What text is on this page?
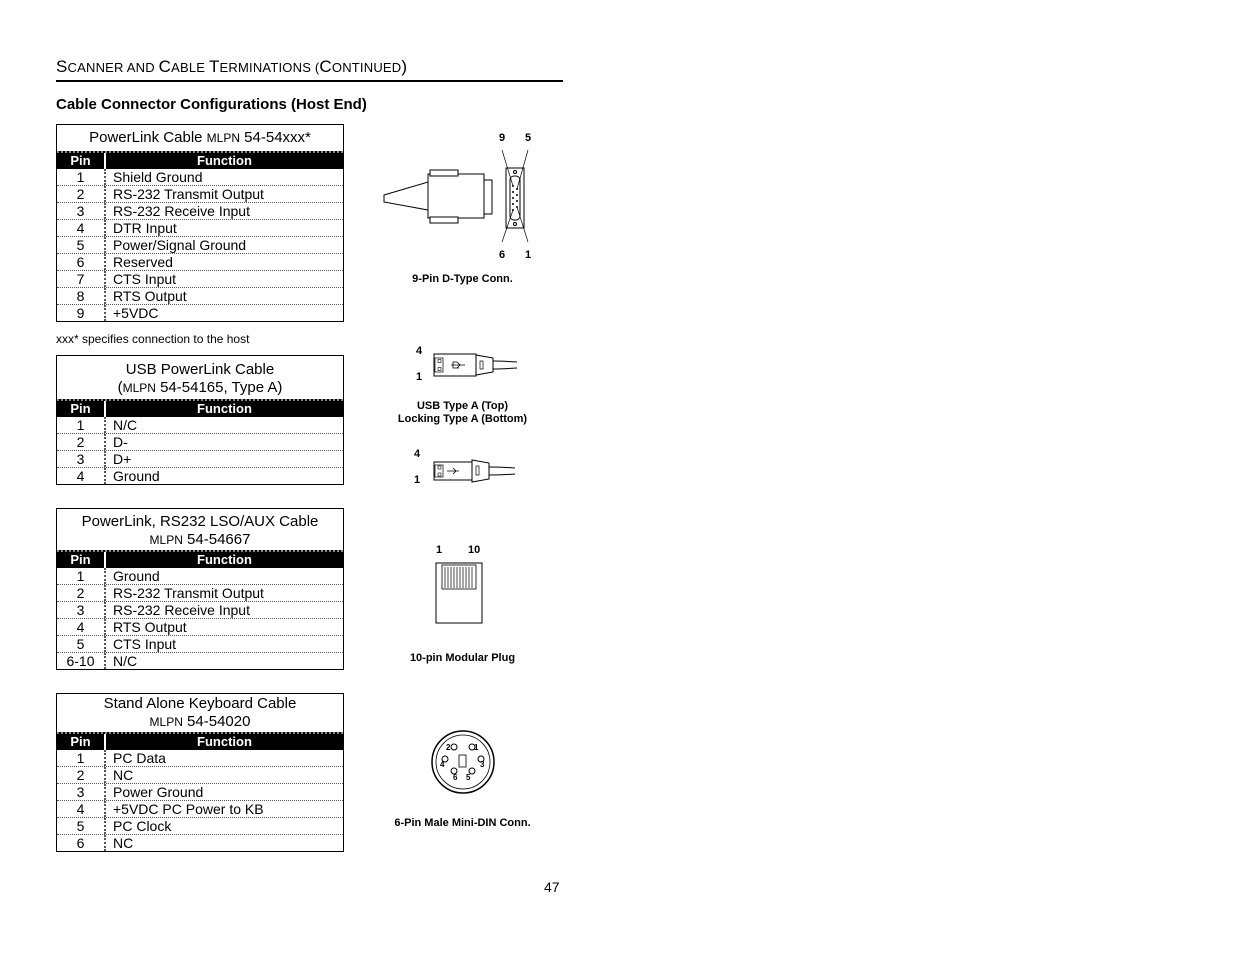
SCANNER AND CABLE TERMINATIONS (CONTINUED)
Cable Connector Configurations (Host End)
PowerLink Cable MLPN 54-54xxx*
Pin	Function
1	Shield Ground
2	RS-232 Transmit Output
3	RS-232 Receive Input
4	DTR Input
5	Power/Signal Ground
6	Reserved
7	CTS Input
8	RTS Output
9	+5VDC
xxx* specifies connection to the host
USB PowerLink Cable
(MLPN 54-54165, Type A)
Pin	Function
1	N/C
2	D-
3	D+
4	Ground
PowerLink, RS232 LSO/AUX Cable
MLPN 54-54667
Pin	Function
1	Ground
2	RS-232 Transmit Output
3	RS-232 Receive Input
4	RTS Output
5	CTS Input
6-10	N/C
Stand Alone Keyboard Cable
MLPN 54-54020
Pin	Function
1	PC Data
2	NC
3	Power Ground
4	+5VDC PC Power to KB
5	PC Clock
6	NC
9 5
6 1
9-Pin D-Type Conn.
4
1
USB Type A (Top)
Locking Type A (Bottom)
4
1
1 10
10-pin Modular Plug
2	1
4	3
6 5
6-Pin Male Mini-DIN Conn.
47
